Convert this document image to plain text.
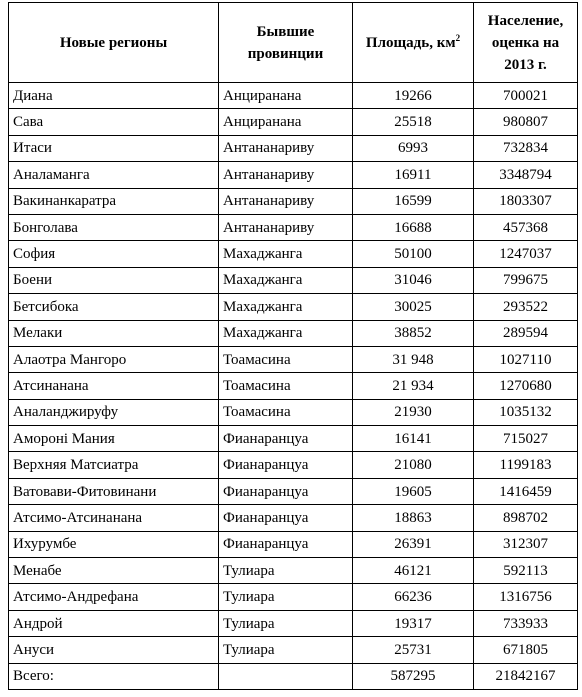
Новые регионы	Бывшие провинции	Площадь, $км^2$	Население, оценка на 2013 г.
Диана	Анциранана	19266	700021
Сава	Анциранана	25518	980807
Итаси	Антананариву	6993	732834
Аналаманга	Антананариву	16911	3348794
Вакинанкаратра	Антананариву	16599	1803307
Бонголава	Антананариву	16688	457368
София	Махаджанга	50100	1247037
Боени	Махаджанга	31046	799675
Бетсибока	Махаджанга	30025	293522
Мелаки	Махаджанга	38852	289594
Алаотра Мангоро	Тоамасина	31 948	1027110
Атсинанана	Тоамасина	21 934	1270680
Аналанджируфу	Тоамасина	21930	1035132
Амороні Мания	Фианаранцуа	16141	715027
Верхняя Матсиатра	Фианаранцуа	21080	1199183
Ватовави-Фитовинани	Фианаранцуа	19605	1416459
Атсимо-Атсинанана	Фианаранцуа	18863	898702
Ихурумбе	Фианаранцуа	26391	312307
Менабе	Тулиара	46121	592113
Атсимо-Андрефана	Тулиара	66236	1316756
Андрой	Тулиара	19317	733933
Ануси	Тулиара	25731	671805
Всего:		587295	21842167
